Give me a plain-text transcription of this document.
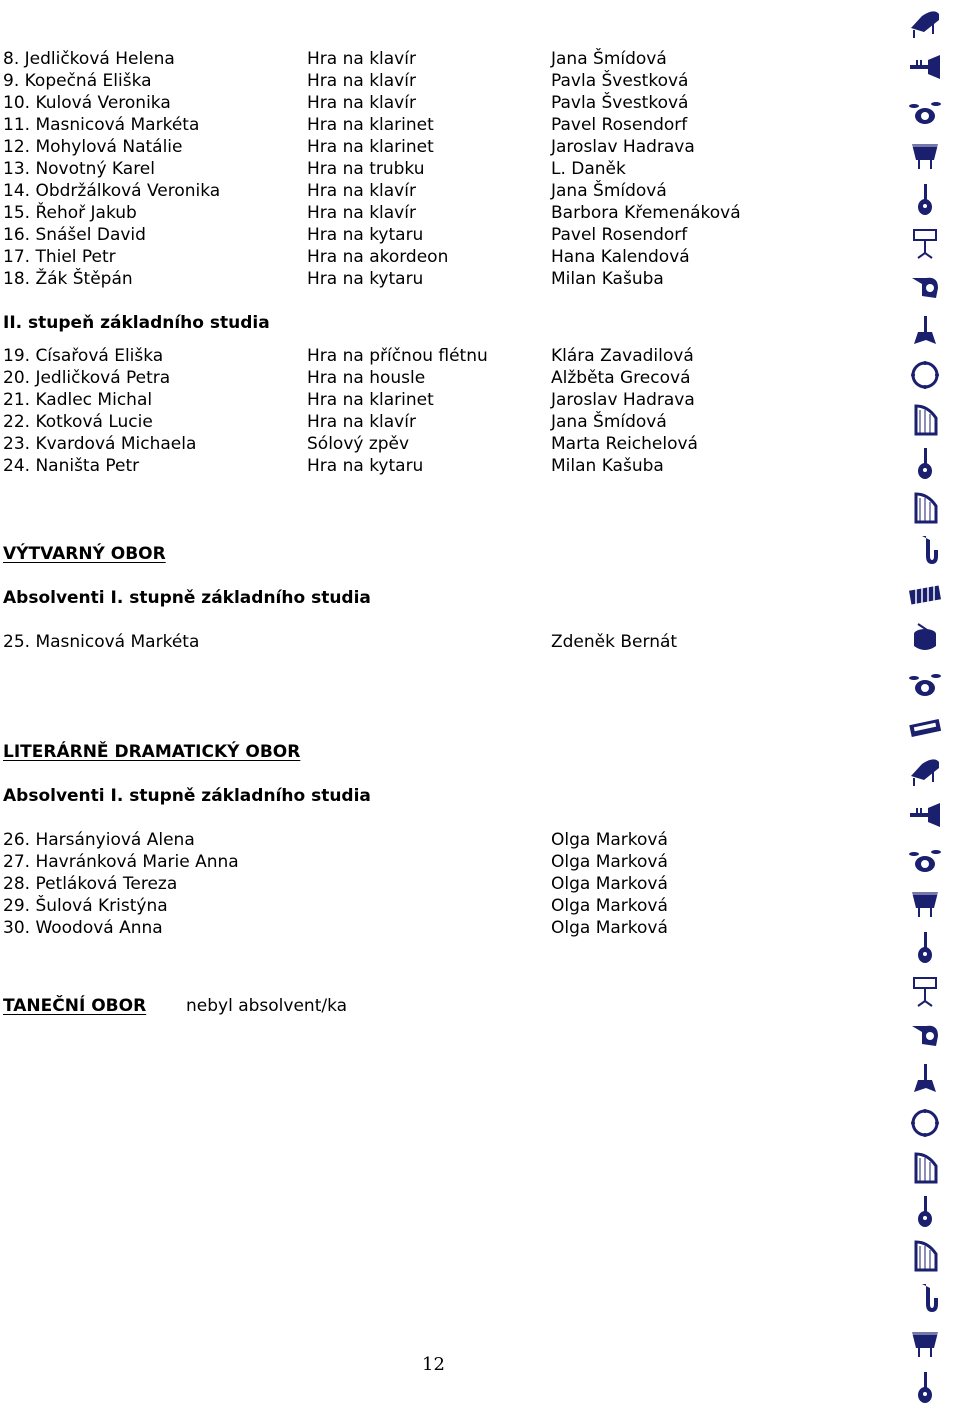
8. Jedličková Helena	Hra na klavír	Jana Šmídová
9. Kopečná Eliška	Hra na klavír	Pavla Švestková
10. Kulová Veronika	Hra na klavír	Pavla Švestková
11. Masnicová Markéta	Hra na klarinet	Pavel Rosendorf
12. Mohylová Natálie	Hra na klarinet	Jaroslav Hadrava
13. Novotný Karel	Hra na trubku	L. Daněk
14. Obdržálková Veronika	Hra na klavír	Jana Šmídová
15. Řehoř Jakub	Hra na klavír	Barbora Křemenáková
16. Snášel David	Hra na kytaru	Pavel Rosendorf
17. Thiel Petr	Hra na akordeon	Hana Kalendová
18. Žák Štěpán	Hra na kytaru	Milan Kašuba
II. stupeň základního studia
19. Císařová Eliška	Hra na příčnou flétnu	Klára Zavadilová
20. Jedličková Petra	Hra na housle	Alžběta Grecová
21. Kadlec Michal	Hra na klarinet	Jaroslav Hadrava
22. Kotková Lucie	Hra na klavír	Jana Šmídová
23. Kvardová Michaela	Sólový zpěv	Marta Reichelová
24. Naništa Petr	Hra na kytaru	Milan Kašuba
VÝTVARNÝ OBOR
Absolventi I. stupně základního studia
25. Masnicová Markéta	Zdeněk Bernát
LITERÁRNĚ DRAMATICKÝ OBOR
Absolventi I. stupně základního studia
26. Harsányiová Alena	Olga Marková
27. Havránková Marie Anna	Olga Marková
28. Petláková Tereza	Olga Marková
29. Šulová Kristýna	Olga Marková
30. Woodová Anna	Olga Marková
TANEČNÍ OBOR nebyl absolvent/ka
12
